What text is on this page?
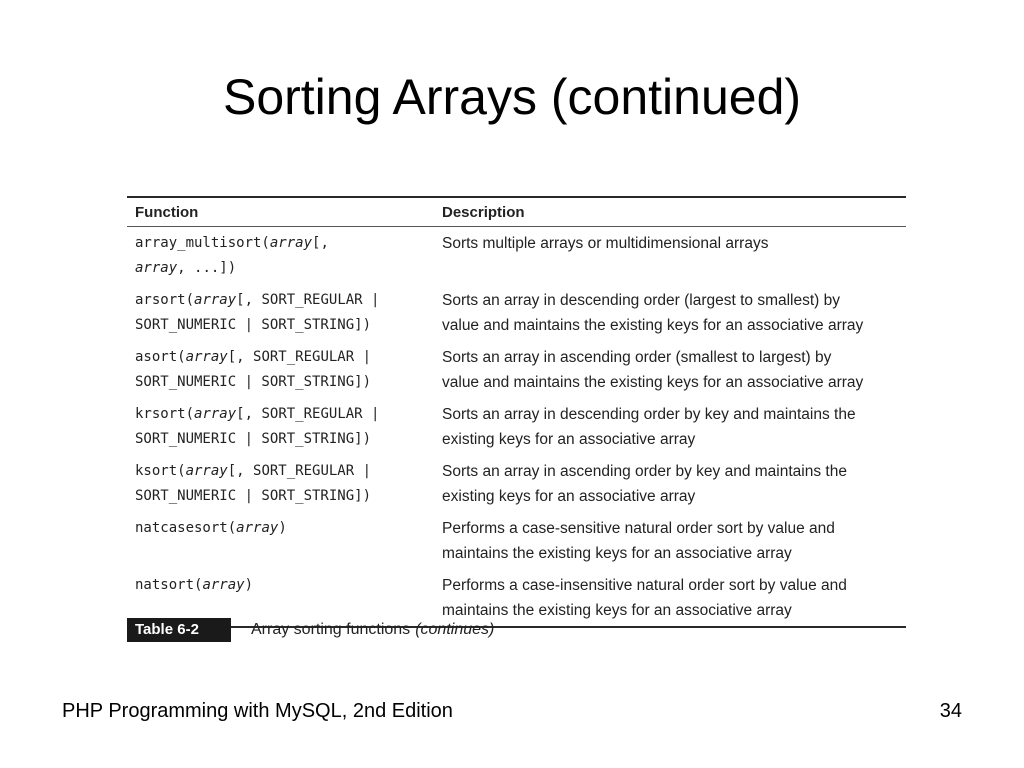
Sorting Arrays (continued)
Function	Description

array_multisort(array[,
array, ...])	Sorts multiple arrays or multidimensional arrays

arsort(array[, SORT_REGULAR |
SORT_NUMERIC | SORT_STRING])	Sorts an array in descending order (largest to smallest) by
value and maintains the existing keys for an associative array
asort(array[, SORT_REGULAR |
SORT_NUMERIC | SORT_STRING])	Sorts an array in ascending order (smallest to largest) by
value and maintains the existing keys for an associative array
krsort(array[, SORT_REGULAR |
SORT_NUMERIC | SORT_STRING])	Sorts an array in descending order by key and maintains the
existing keys for an associative array
ksort(array[, SORT_REGULAR |
SORT_NUMERIC | SORT_STRING])	Sorts an array in ascending order by key and maintains the
existing keys for an associative array
natcasesort(array)	Performs a case-sensitive natural order sort by value and
maintains the existing keys for an associative array
natsort(array)	Performs a case-insensitive natural order sort by value and
maintains the existing keys for an associative array
Table 6-2	Array sorting functions (continues)
PHP Programming with MySQL, 2nd Edition	34
